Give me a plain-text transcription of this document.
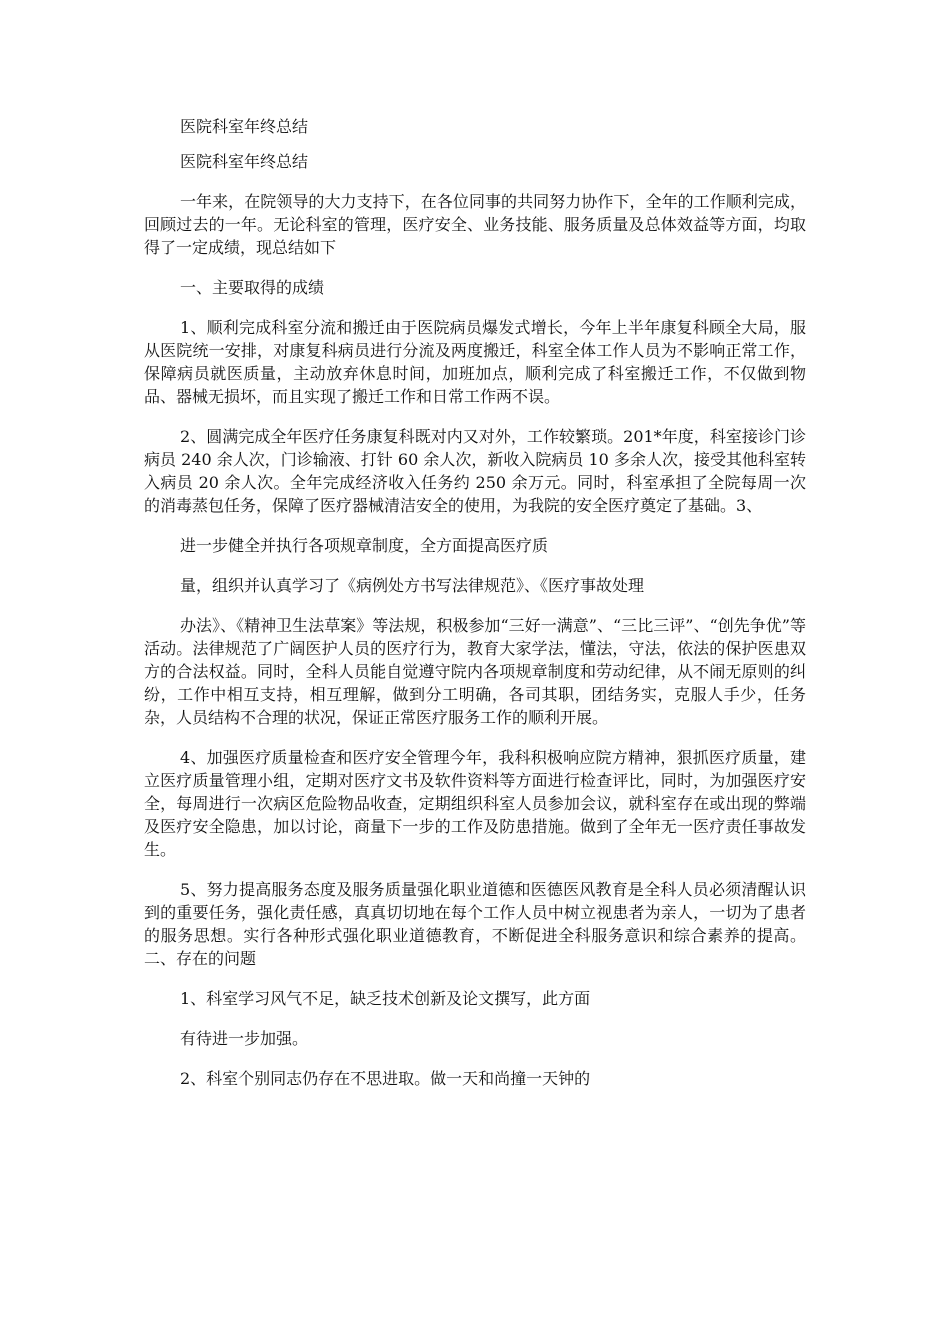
医院科室年终总结

医院科室年终总结

一年来，在院领导的大力支持下，在各位同事的共同努力协作下，全年的工作顺利完成，回顾过去的一年。无论科室的管理，医疗安全、业务技能、服务质量及总体效益等方面，均取得了一定成绩，现总结如下

一、主要取得的成绩

1、顺利完成科室分流和搬迁由于医院病员爆发式增长，今年上半年康复科顾全大局，服从医院统一安排，对康复科病员进行分流及两度搬迁，科室全体工作人员为不影响正常工作，保障病员就医质量，主动放弃休息时间，加班加点，顺利完成了科室搬迁工作，不仅做到物品、器械无损坏，而且实现了搬迁工作和日常工作两不误。

2、圆满完成全年医疗任务康复科既对内又对外，工作较繁琐。201*年度，科室接诊门诊病员 240 余人次，门诊输液、打针 60 余人次，新收入院病员 10 多余人次，接受其他科室转入病员 20 余人次。全年完成经济收入任务约 250 余万元。同时，科室承担了全院每周一次的消毒蒸包任务，保障了医疗器械清洁安全的使用，为我院的安全医疗奠定了基础。3、

进一步健全并执行各项规章制度，全方面提高医疗质

量，组织并认真学习了《病例处方书写法律规范》、《医疗事故处理

办法》、《精神卫生法草案》等法规，积极参加“三好一满意”、“三比三评”、“创先争优”等活动。法律规范了广阔医护人员的医疗行为，教育大家学法，懂法，守法，依法的保护医患双方的合法权益。同时，全科人员能自觉遵守院内各项规章制度和劳动纪律，从不闹无原则的纠纷，工作中相互支持，相互理解，做到分工明确，各司其职，团结务实，克服人手少，任务杂，人员结构不合理的状况，保证正常医疗服务工作的顺利开展。

4、加强医疗质量检查和医疗安全管理今年，我科积极响应院方精神，狠抓医疗质量，建立医疗质量管理小组，定期对医疗文书及软件资料等方面进行检查评比，同时，为加强医疗安全，每周进行一次病区危险物品收查，定期组织科室人员参加会议，就科室存在或出现的弊端及医疗安全隐患，加以讨论，商量下一步的工作及防患措施。做到了全年无一医疗责任事故发生。

5、努力提高服务态度及服务质量强化职业道德和医德医风教育是全科人员必须清醒认识到的重要任务，强化责任感，真真切切地在每个工作人员中树立视患者为亲人，一切为了患者的服务思想。实行各种形式强化职业道德教育，不断促进全科服务意识和综合素养的提高。二、存在的问题

1、科室学习风气不足，缺乏技术创新及论文撰写，此方面

有待进一步加强。

2、科室个别同志仍存在不思进取。做一天和尚撞一天钟的
